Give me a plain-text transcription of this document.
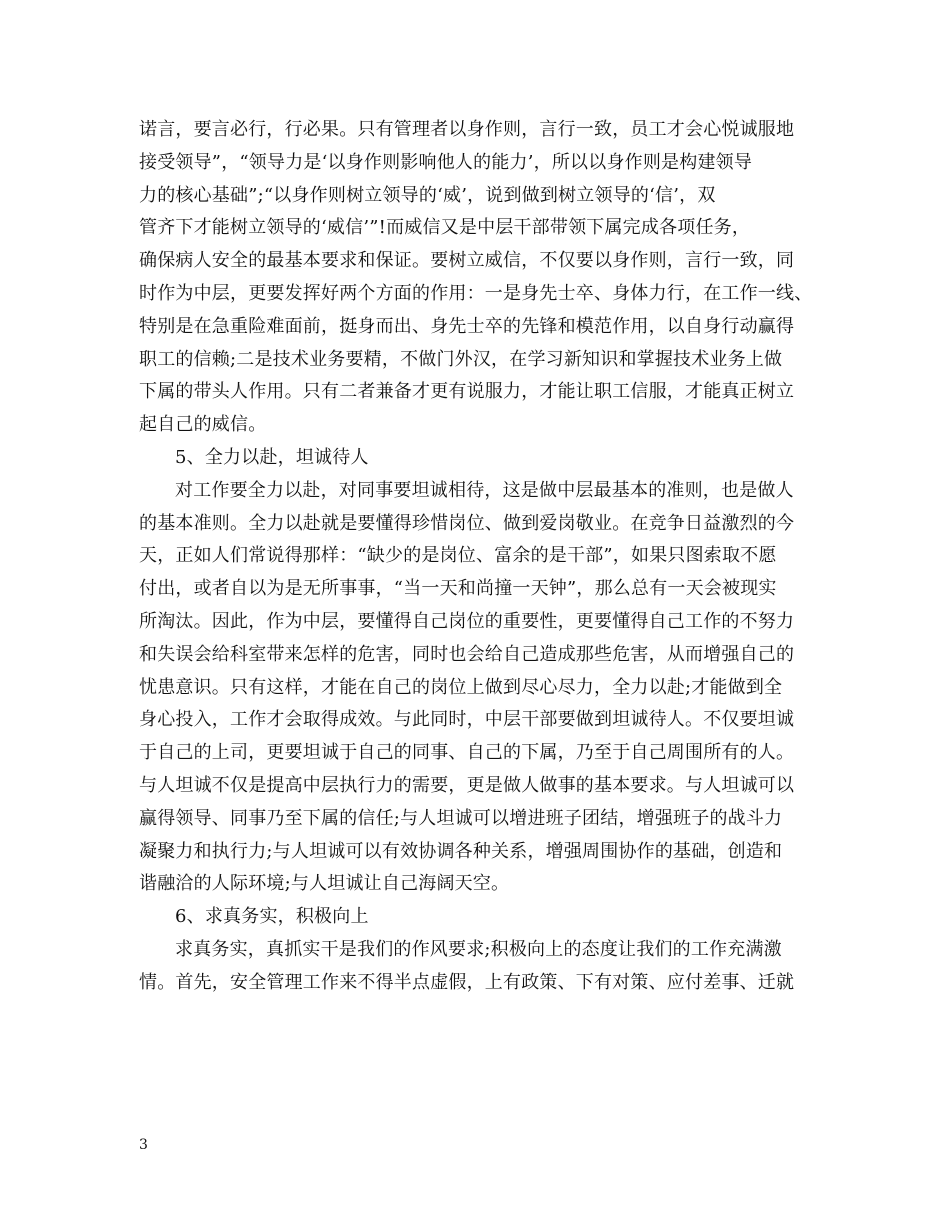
诺言，要言必行，行必果。只有管理者以身作则，言行一致，员工才会心悦诚服地
接受领导”，“领导力是‘以身作则影响他人的能力’，所以以身作则是构建领导
力的核心基础”;“以身作则树立领导的‘威’，说到做到树立领导的‘信’，双
管齐下才能树立领导的‘威信’”!而威信又是中层干部带领下属完成各项任务，
确保病人安全的最基本要求和保证。要树立威信，不仅要以身作则，言行一致，同
时作为中层，更要发挥好两个方面的作用：一是身先士卒、身体力行，在工作一线、
特别是在急重险难面前，挺身而出、身先士卒的先锋和模范作用，以自身行动赢得
职工的信赖;二是技术业务要精，不做门外汉，在学习新知识和掌握技术业务上做
下属的带头人作用。只有二者兼备才更有说服力，才能让职工信服，才能真正树立
起自己的威信。
5、全力以赴，坦诚待人
对工作要全力以赴，对同事要坦诚相待，这是做中层最基本的准则，也是做人
的基本准则。全力以赴就是要懂得珍惜岗位、做到爱岗敬业。在竞争日益激烈的今
天，正如人们常说得那样：“缺少的是岗位、富余的是干部”，如果只图索取不愿
付出，或者自以为是无所事事，“当一天和尚撞一天钟”，那么总有一天会被现实
所淘汰。因此，作为中层，要懂得自己岗位的重要性，更要懂得自己工作的不努力
和失误会给科室带来怎样的危害，同时也会给自己造成那些危害，从而增强自己的
忧患意识。只有这样，才能在自己的岗位上做到尽心尽力，全力以赴;才能做到全
身心投入，工作才会取得成效。与此同时，中层干部要做到坦诚待人。不仅要坦诚
于自己的上司，更要坦诚于自己的同事、自己的下属，乃至于自己周围所有的人。
与人坦诚不仅是提高中层执行力的需要，更是做人做事的基本要求。与人坦诚可以
赢得领导、同事乃至下属的信任;与人坦诚可以增进班子团结，增强班子的战斗力
凝聚力和执行力;与人坦诚可以有效协调各种关系，增强周围协作的基础，创造和
谐融洽的人际环境;与人坦诚让自己海阔天空。
6、求真务实，积极向上
求真务实，真抓实干是我们的作风要求;积极向上的态度让我们的工作充满激
情。首先，安全管理工作来不得半点虚假，上有政策、下有对策、应付差事、迁就
3
